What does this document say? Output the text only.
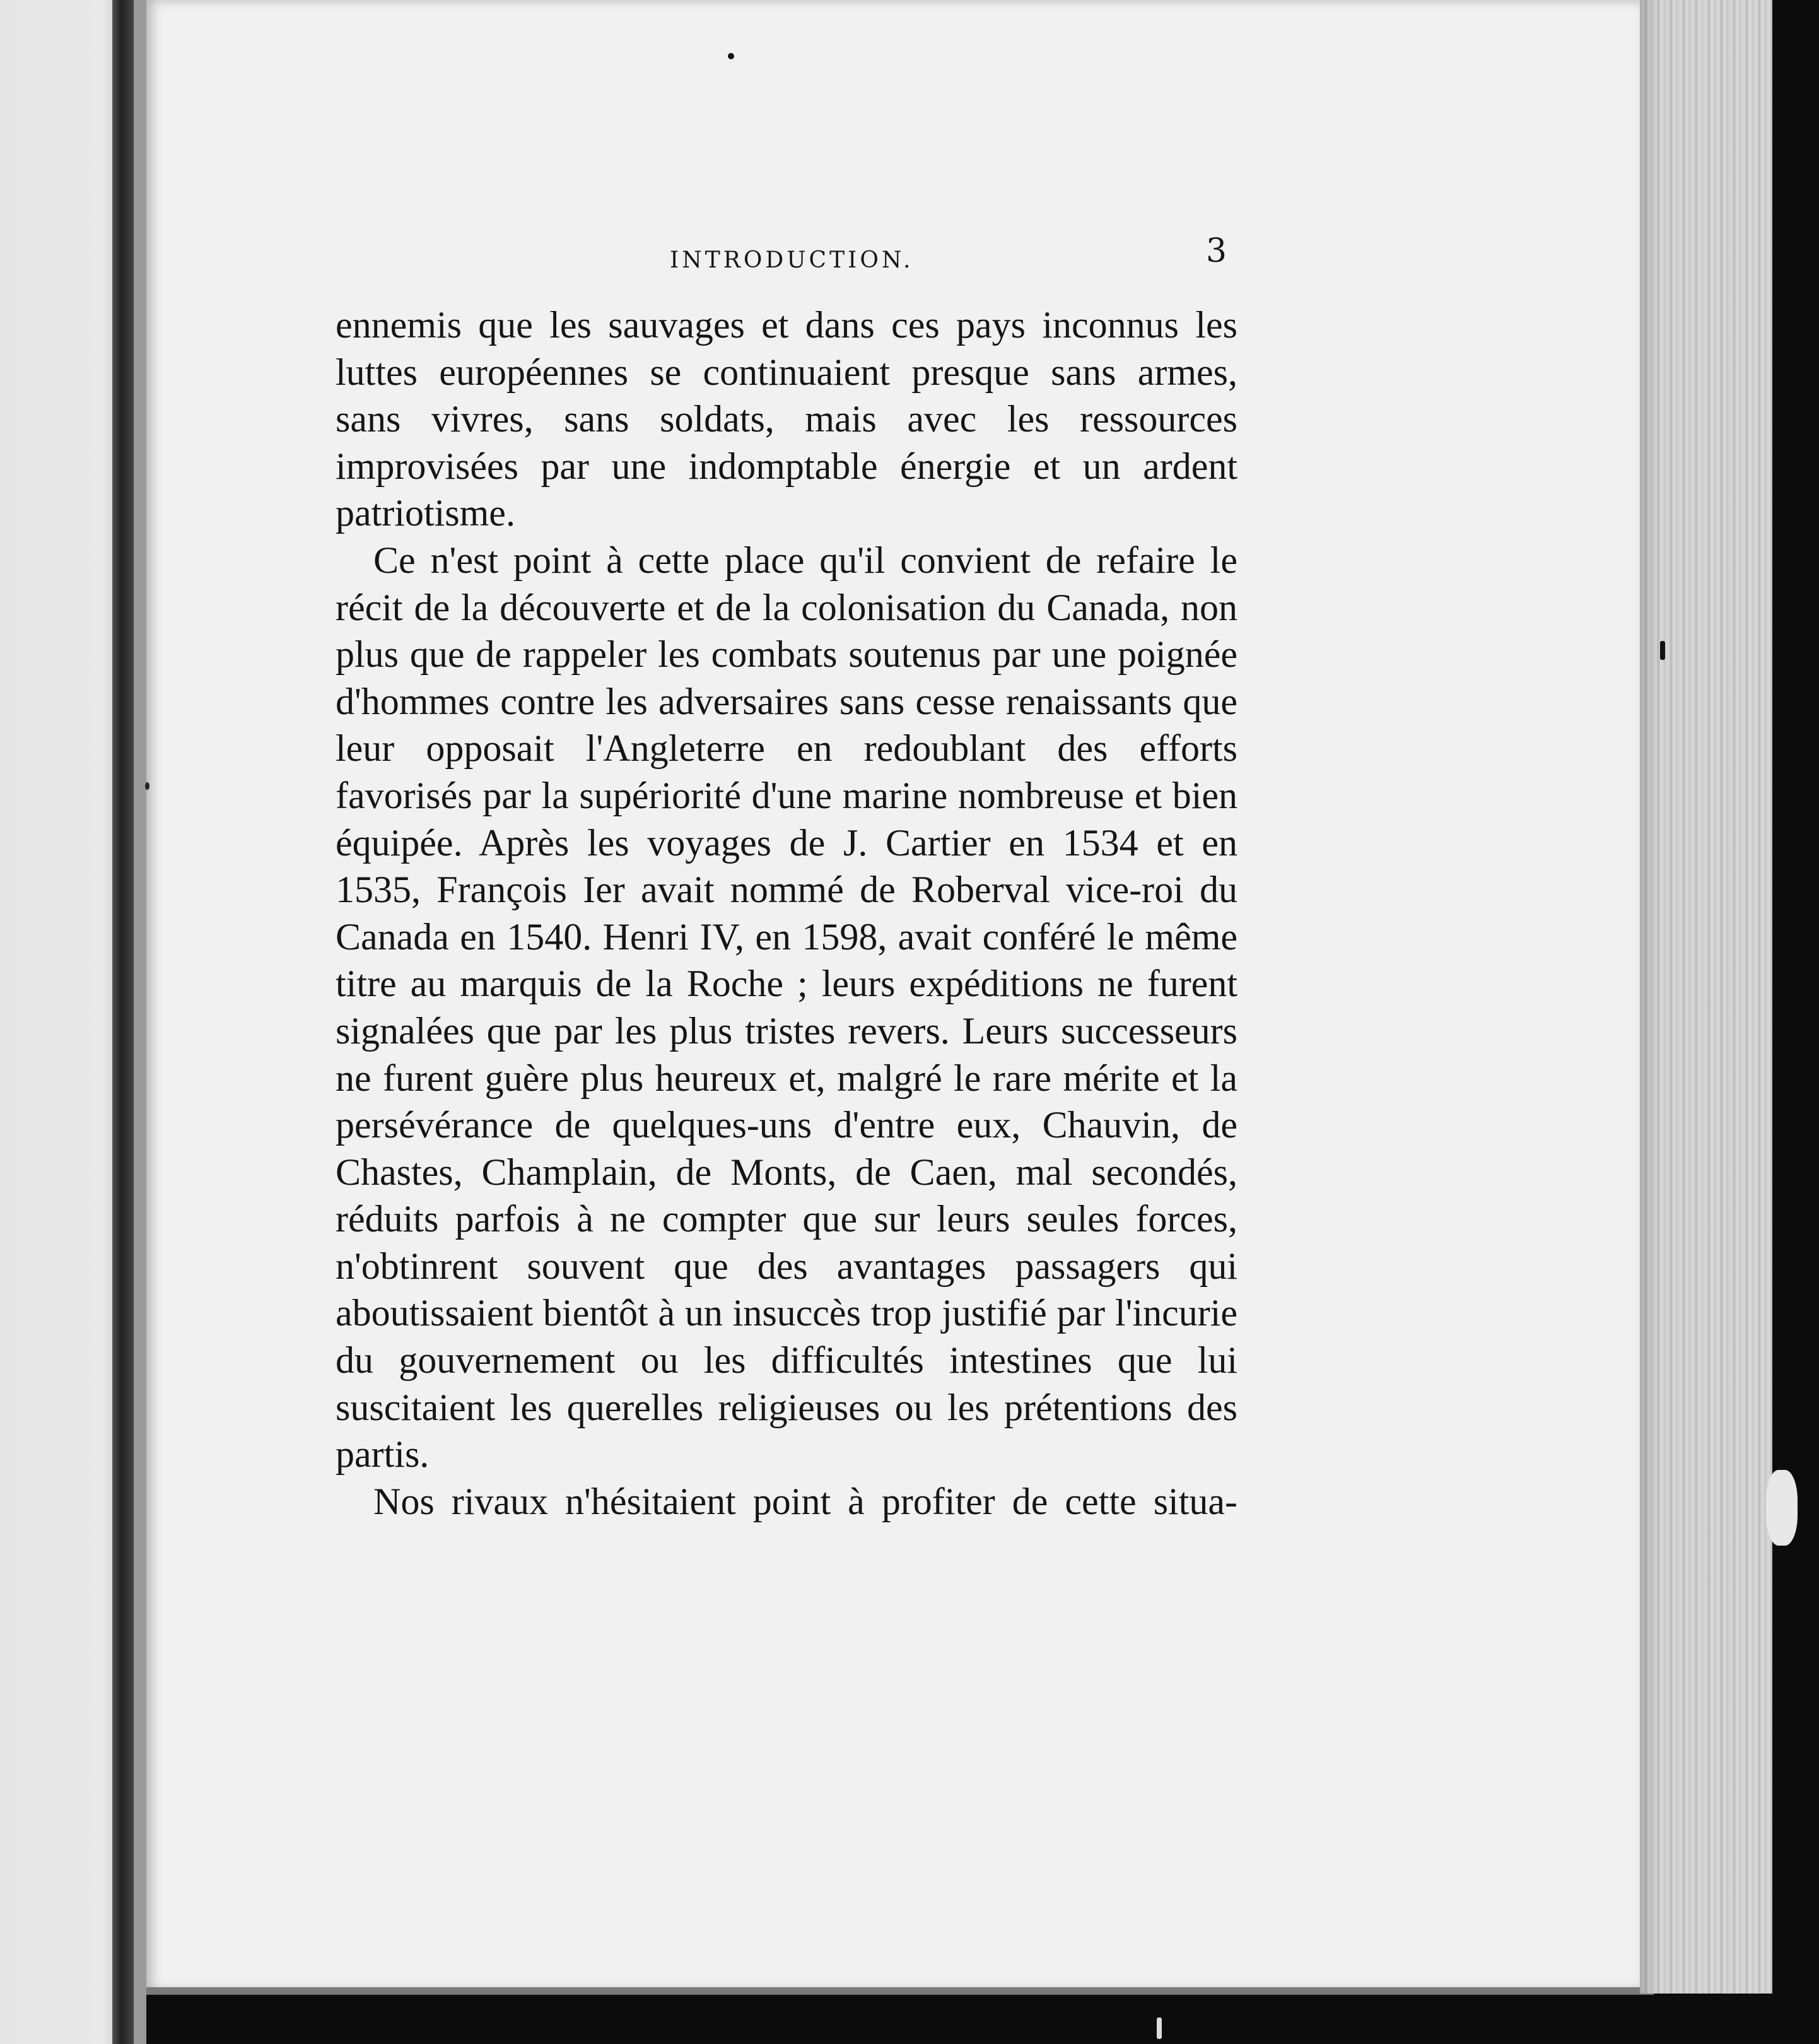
INTRODUCTION.	3

ennemis que les sauvages et dans ces pays inconnus les luttes européennes se continuaient presque sans armes, sans vivres, sans soldats, mais avec les ressources improvisées par une indomptable énergie et un ardent patriotisme.

Ce n'est point à cette place qu'il convient de refaire le récit de la découverte et de la colonisation du Canada, non plus que de rappeler les combats soutenus par une poignée d'hommes contre les adversaires sans cesse renaissants que leur opposait l'Angleterre en redoublant des efforts favorisés par la supériorité d'une marine nombreuse et bien équipée. Après les voyages de J. Cartier en 1534 et en 1535, François Ier avait nommé de Roberval vice-roi du Canada en 1540. Henri IV, en 1598, avait conféré le même titre au marquis de la Roche ; leurs expéditions ne furent signalées que par les plus tristes revers. Leurs successeurs ne furent guère plus heureux et, malgré le rare mérite et la persévérance de quelques-uns d'entre eux, Chauvin, de Chastes, Champlain, de Monts, de Caen, mal secondés, réduits parfois à ne compter que sur leurs seules forces, n'obtinrent souvent que des avantages passagers qui aboutissaient bientôt à un insuccès trop justifié par l'incurie du gouvernement ou les difficultés intestines que lui suscitaient les querelles religieuses ou les prétentions des partis.

Nos rivaux n'hésitaient point à profiter de cette situa-
